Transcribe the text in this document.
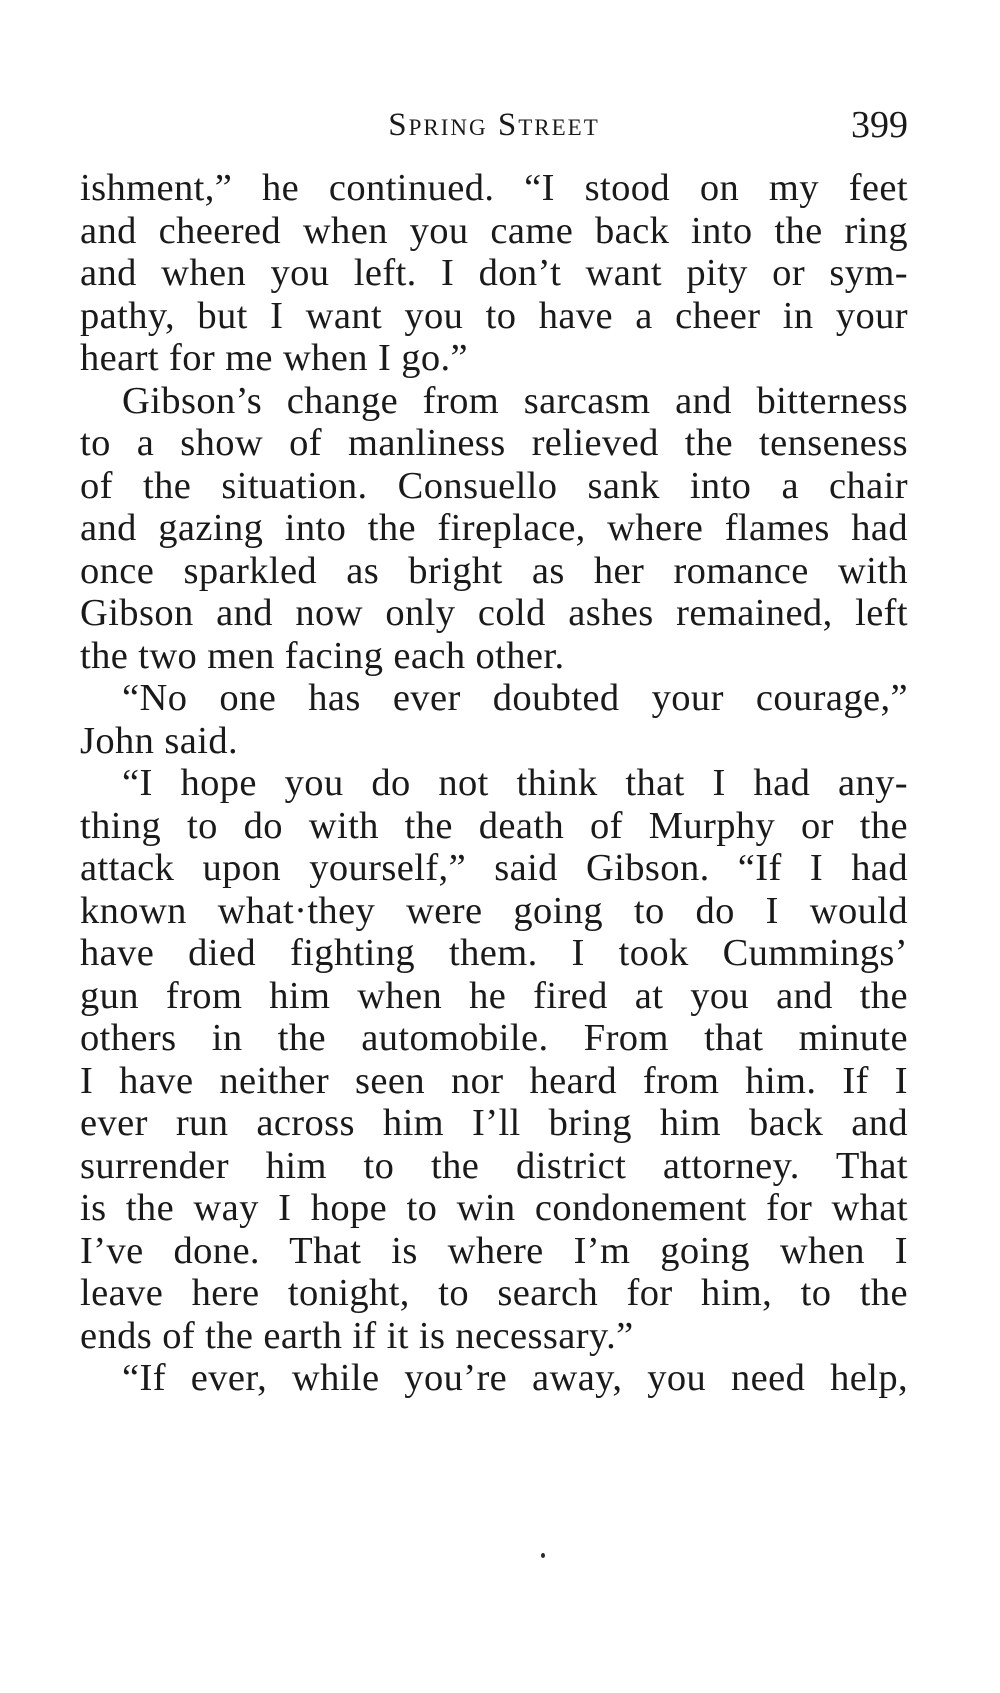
Spring Street	399

ishment,” he continued. “I stood on my feet
and cheered when you came back into the ring
and when you left. I don’t want pity or sym-
pathy, but I want you to have a cheer in your
heart for me when I go.”

Gibson’s change from sarcasm and bitterness
to a show of manliness relieved the tenseness
of the situation. Consuello sank into a chair
and gazing into the fireplace, where flames had
once sparkled as bright as her romance with
Gibson and now only cold ashes remained, left
the two men facing each other.

“No one has ever doubted your courage,”
John said.

“I hope you do not think that I had any-
thing to do with the death of Murphy or the
attack upon yourself,” said Gibson. “If I had
known what·they were going to do I would
have died fighting them. I took Cummings’
gun from him when he fired at you and the
others in the automobile. From that minute
I have neither seen nor heard from him. If I
ever run across him I’ll bring him back and
surrender him to the district attorney. That
is the way I hope to win condonement for what
I’ve done. That is where I’m going when I
leave here tonight, to search for him, to the
ends of the earth if it is necessary.”

“If ever, while you’re away, you need help,
